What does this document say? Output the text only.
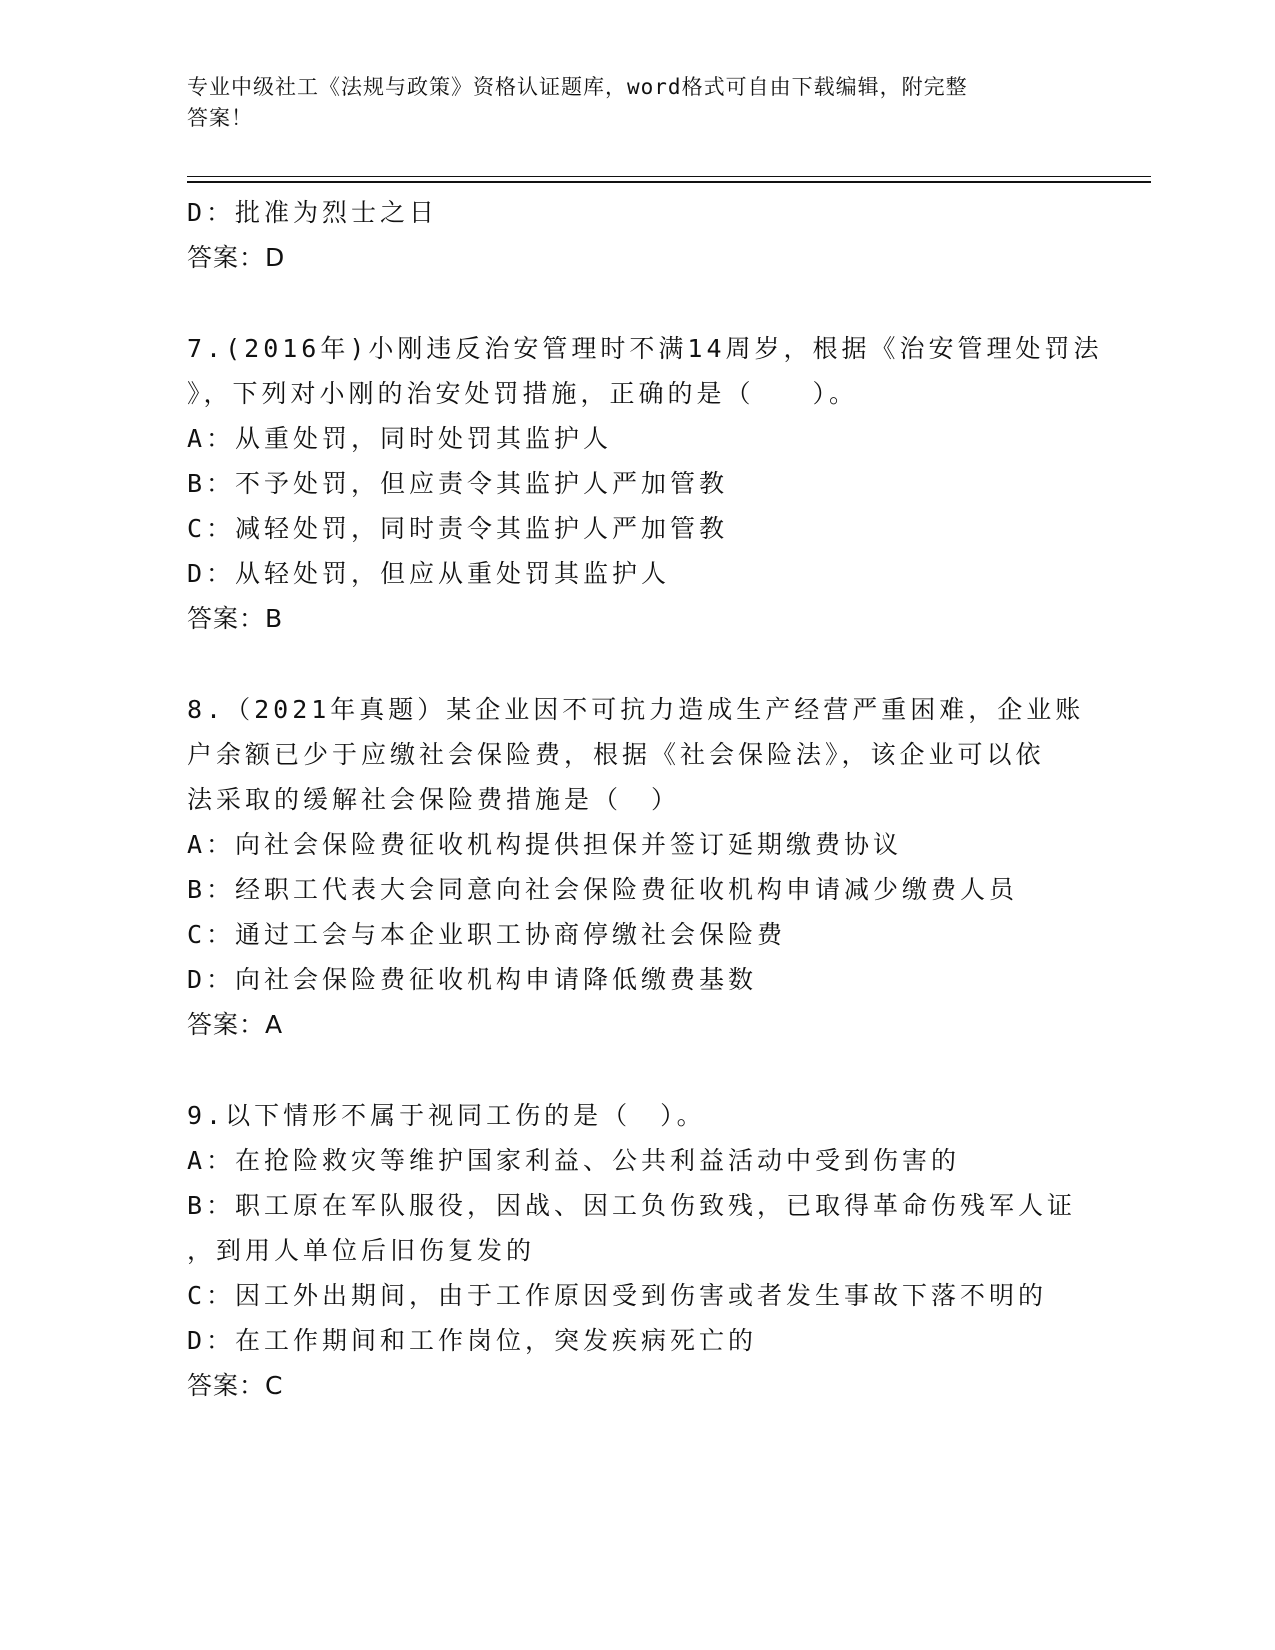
专业中级社工《法规与政策》资格认证题库，word格式可自由下载编辑，附完整
答案！
D：批准为烈士之日
答案：D
7.(2016年)小刚违反治安管理时不满14周岁，根据《治安管理处罚法
》，下列对小刚的治安处罚措施，正确的是（　　）。
A：从重处罚，同时处罚其监护人
B：不予处罚，但应责令其监护人严加管教
C：减轻处罚，同时责令其监护人严加管教
D：从轻处罚，但应从重处罚其监护人
答案：B
8.（2021年真题）某企业因不可抗力造成生产经营严重困难，企业账
户余额已少于应缴社会保险费，根据《社会保险法》，该企业可以依
法采取的缓解社会保险费措施是（　）
A：向社会保险费征收机构提供担保并签订延期缴费协议
B：经职工代表大会同意向社会保险费征收机构申请减少缴费人员
C：通过工会与本企业职工协商停缴社会保险费
D：向社会保险费征收机构申请降低缴费基数
答案：A
9.以下情形不属于视同工伤的是（　）。
A：在抢险救灾等维护国家利益、公共利益活动中受到伤害的
B：职工原在军队服役，因战、因工负伤致残，已取得革命伤残军人证
，到用人单位后旧伤复发的
C：因工外出期间，由于工作原因受到伤害或者发生事故下落不明的
D：在工作期间和工作岗位，突发疾病死亡的
答案：C
